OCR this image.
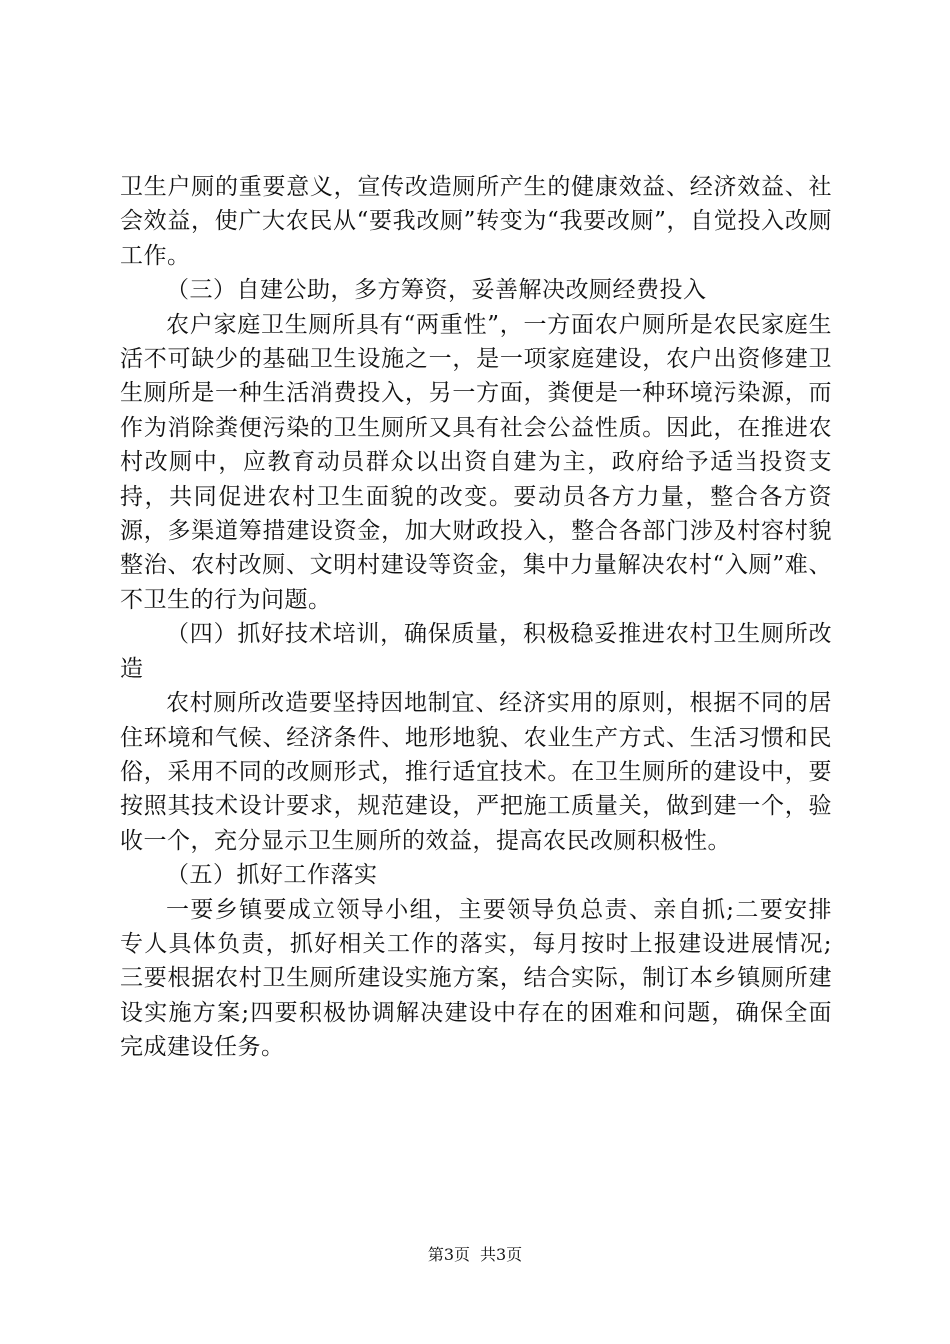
卫生户厕的重要意义，宣传改造厕所产生的健康效益、经济效益、社会效益，使广大农民从“要我改厕”转变为“我要改厕”，自觉投入改厕工作。

（三）自建公助，多方筹资，妥善解决改厕经费投入

农户家庭卫生厕所具有“两重性”，一方面农户厕所是农民家庭生活不可缺少的基础卫生设施之一，是一项家庭建设，农户出资修建卫生厕所是一种生活消费投入，另一方面，粪便是一种环境污染源，而作为消除粪便污染的卫生厕所又具有社会公益性质。因此，在推进农村改厕中，应教育动员群众以出资自建为主，政府给予适当投资支持，共同促进农村卫生面貌的改变。要动员各方力量，整合各方资源，多渠道筹措建设资金，加大财政投入，整合各部门涉及村容村貌整治、农村改厕、文明村建设等资金，集中力量解决农村“入厕”难、不卫生的行为问题。

（四）抓好技术培训，确保质量，积极稳妥推进农村卫生厕所改造

农村厕所改造要坚持因地制宜、经济实用的原则，根据不同的居住环境和气候、经济条件、地形地貌、农业生产方式、生活习惯和民俗，采用不同的改厕形式，推行适宜技术。在卫生厕所的建设中，要按照其技术设计要求，规范建设，严把施工质量关，做到建一个，验收一个，充分显示卫生厕所的效益，提高农民改厕积极性。

（五）抓好工作落实

一要乡镇要成立领导小组，主要领导负总责、亲自抓;二要安排专人具体负责，抓好相关工作的落实，每月按时上报建设进展情况;三要根据农村卫生厕所建设实施方案，结合实际，制订本乡镇厕所建设实施方案;四要积极协调解决建设中存在的困难和问题，确保全面完成建设任务。

第3页 共3页
